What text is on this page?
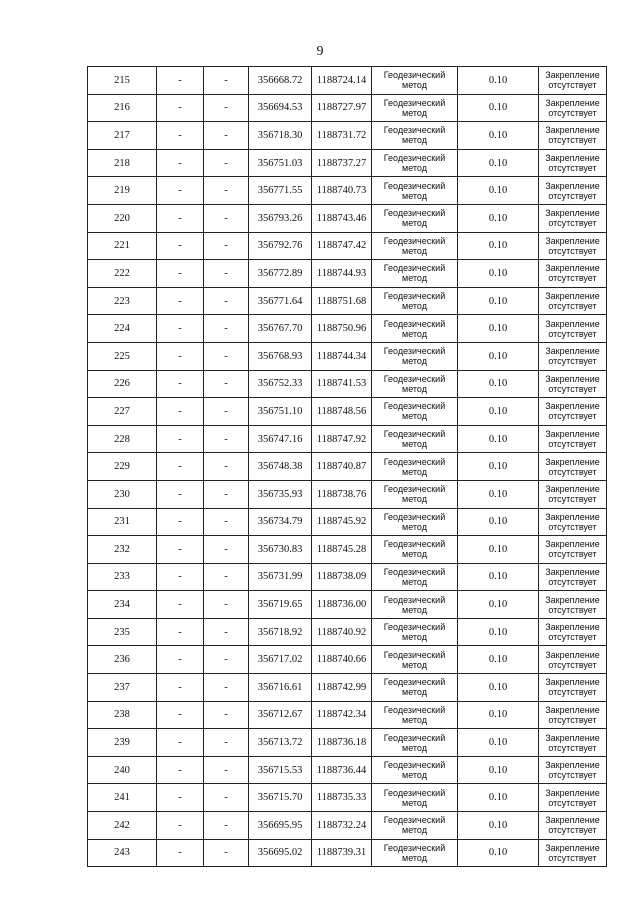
9
215	-	-	356668.72	1188724.14	Геодезический метод	0.10	Закрепление отсутствует
216	-	-	356694.53	1188727.97	Геодезический метод	0.10	Закрепление отсутствует
217	-	-	356718.30	1188731.72	Геодезический метод	0.10	Закрепление отсутствует
218	-	-	356751.03	1188737.27	Геодезический метод	0.10	Закрепление отсутствует
219	-	-	356771.55	1188740.73	Геодезический метод	0.10	Закрепление отсутствует
220	-	-	356793.26	1188743.46	Геодезический метод	0.10	Закрепление отсутствует
221	-	-	356792.76	1188747.42	Геодезический метод	0.10	Закрепление отсутствует
222	-	-	356772.89	1188744.93	Геодезический метод	0.10	Закрепление отсутствует
223	-	-	356771.64	1188751.68	Геодезический метод	0.10	Закрепление отсутствует
224	-	-	356767.70	1188750.96	Геодезический метод	0.10	Закрепление отсутствует
225	-	-	356768.93	1188744.34	Геодезический метод	0.10	Закрепление отсутствует
226	-	-	356752.33	1188741.53	Геодезический метод	0.10	Закрепление отсутствует
227	-	-	356751.10	1188748.56	Геодезический метод	0.10	Закрепление отсутствует
228	-	-	356747.16	1188747.92	Геодезический метод	0.10	Закрепление отсутствует
229	-	-	356748.38	1188740.87	Геодезический метод	0.10	Закрепление отсутствует
230	-	-	356735.93	1188738.76	Геодезический метод	0.10	Закрепление отсутствует
231	-	-	356734.79	1188745.92	Геодезический метод	0.10	Закрепление отсутствует
232	-	-	356730.83	1188745.28	Геодезический метод	0.10	Закрепление отсутствует
233	-	-	356731.99	1188738.09	Геодезический метод	0.10	Закрепление отсутствует
234	-	-	356719.65	1188736.00	Геодезический метод	0.10	Закрепление отсутствует
235	-	-	356718.92	1188740.92	Геодезический метод	0.10	Закрепление отсутствует
236	-	-	356717.02	1188740.66	Геодезический метод	0.10	Закрепление отсутствует
237	-	-	356716.61	1188742.99	Геодезический метод	0.10	Закрепление отсутствует
238	-	-	356712.67	1188742.34	Геодезический метод	0.10	Закрепление отсутствует
239	-	-	356713.72	1188736.18	Геодезический метод	0.10	Закрепление отсутствует
240	-	-	356715.53	1188736.44	Геодезический метод	0.10	Закрепление отсутствует
241	-	-	356715.70	1188735.33	Геодезический метод	0.10	Закрепление отсутствует
242	-	-	356695.95	1188732.24	Геодезический метод	0.10	Закрепление отсутствует
243	-	-	356695.02	1188739.31	Геодезический метод	0.10	Закрепление отсутствует
